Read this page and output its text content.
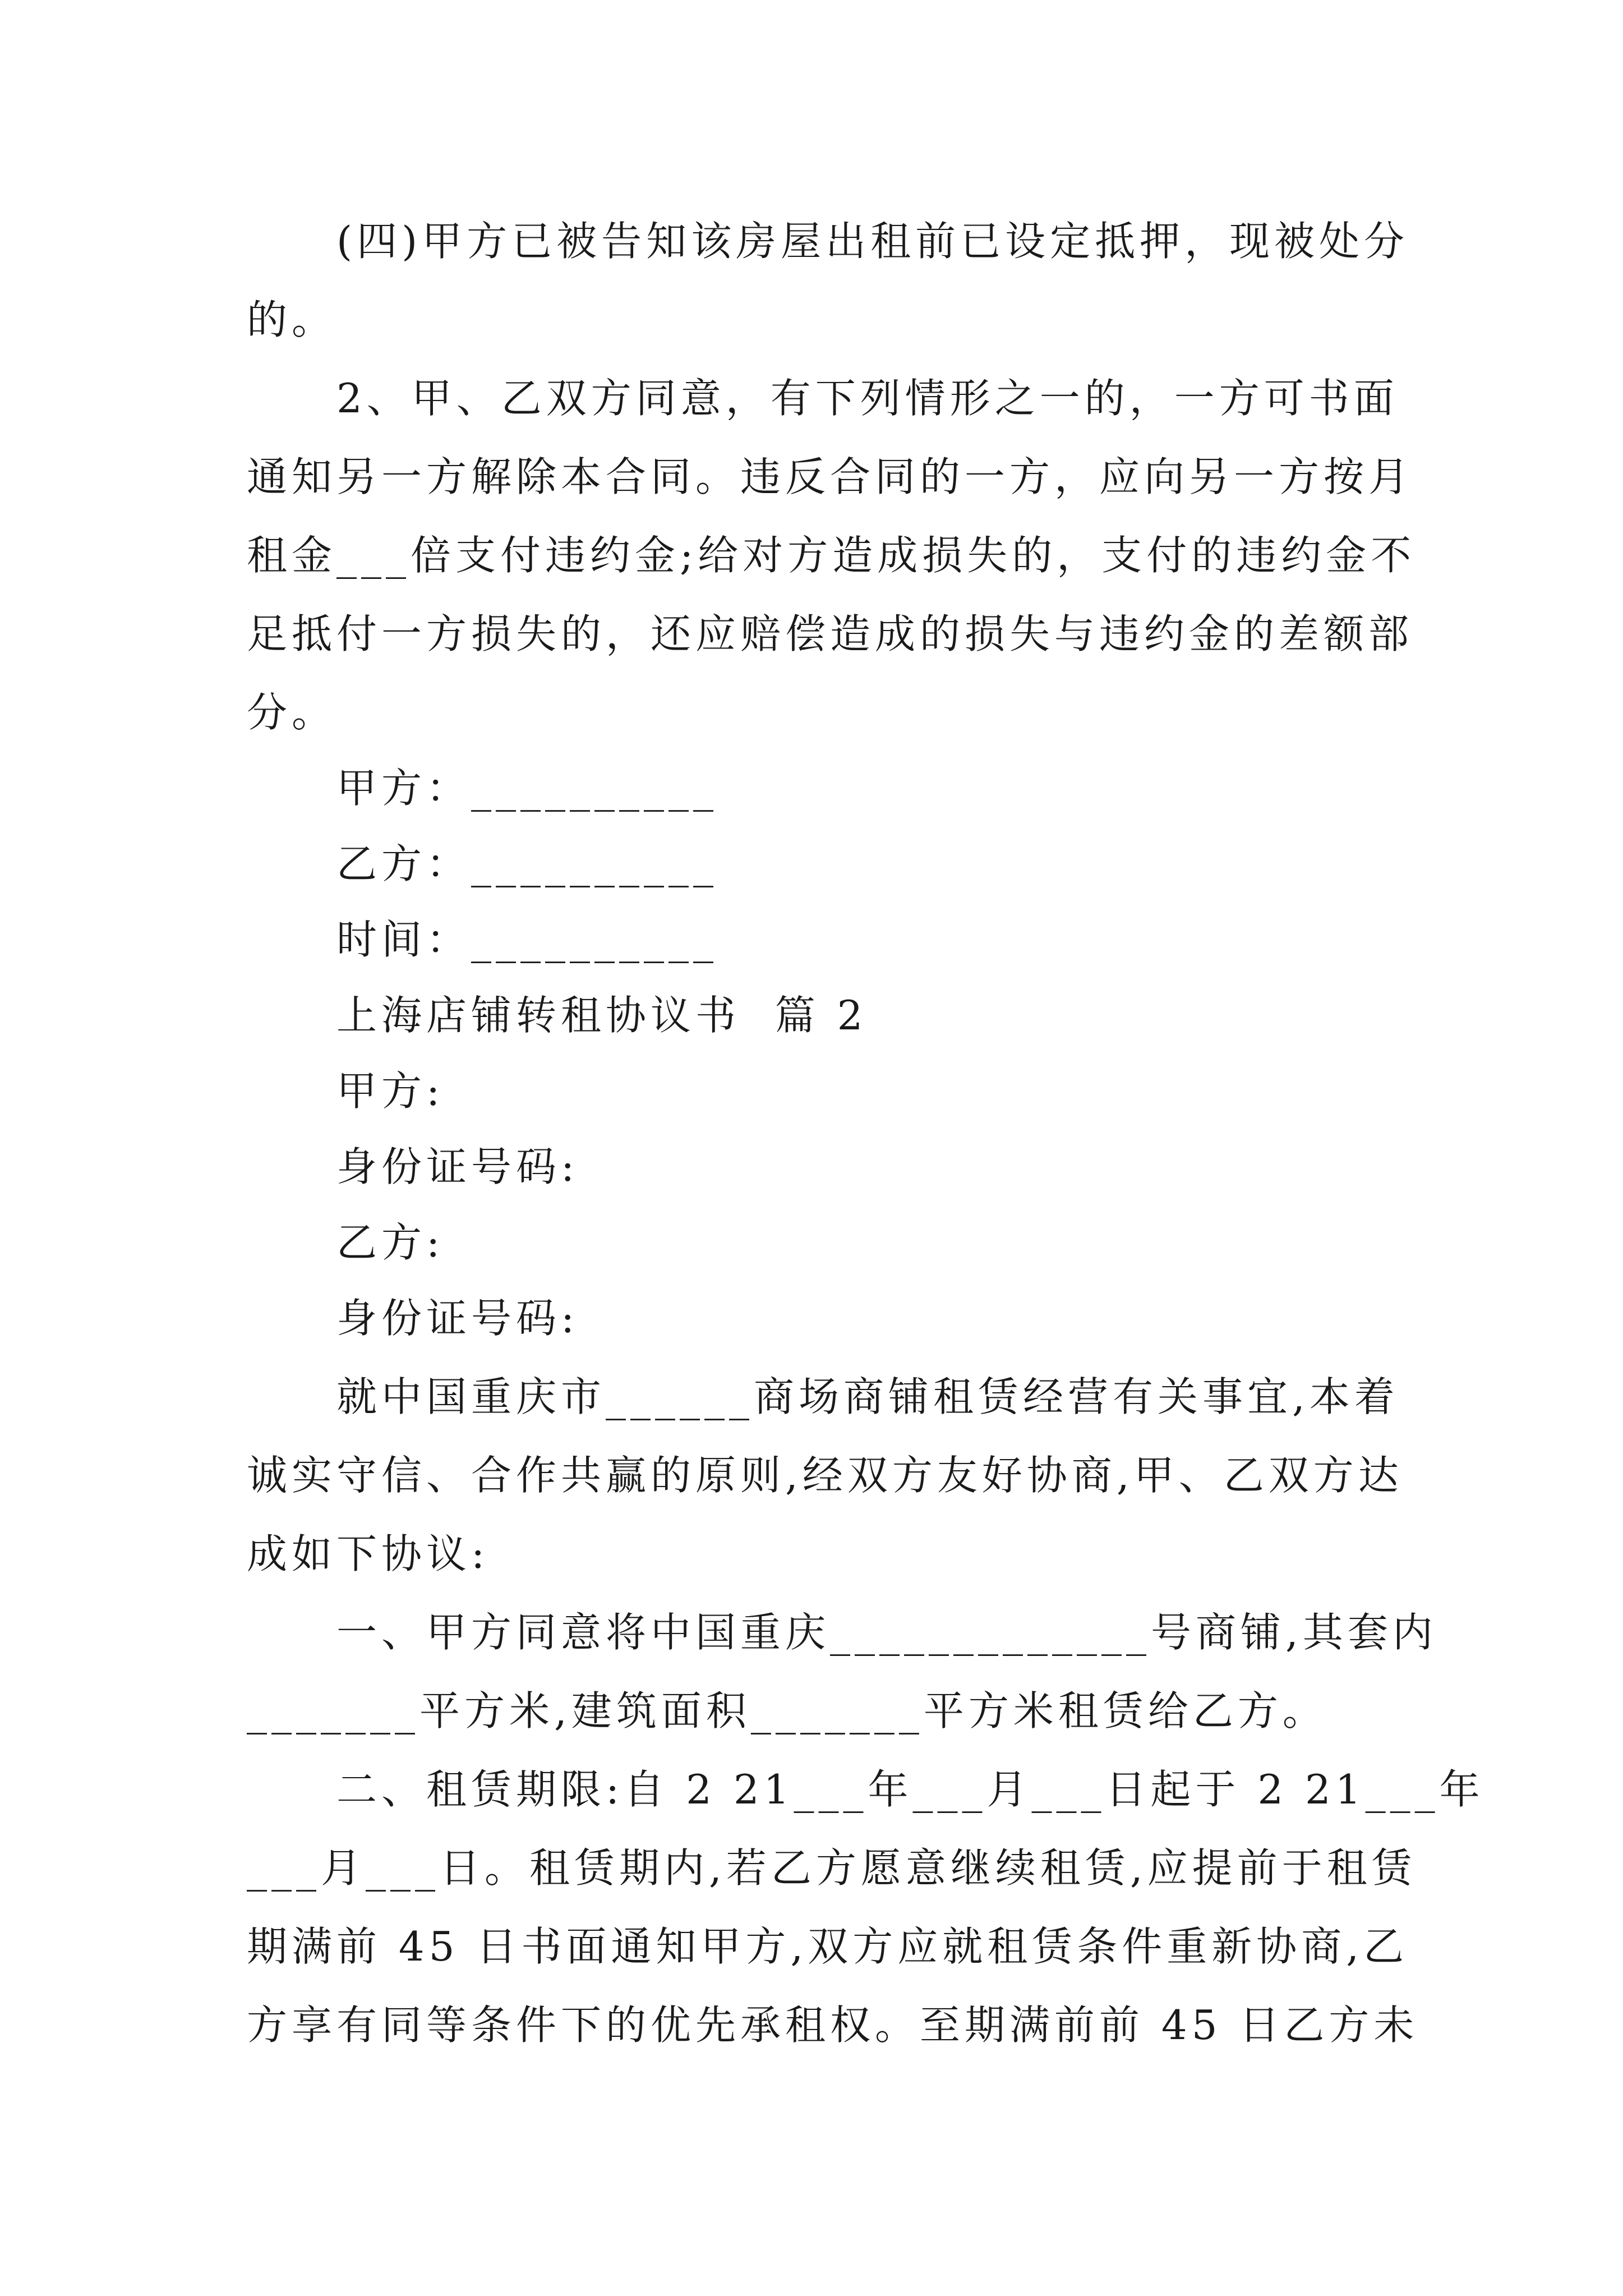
(四)甲方已被告知该房屋出租前已设定抵押，现被处分
的。
2、甲、乙双方同意，有下列情形之一的，一方可书面
通知另一方解除本合同。违反合同的一方，应向另一方按月
租金___倍支付违约金;给对方造成损失的，支付的违约金不
足抵付一方损失的，还应赔偿造成的损失与违约金的差额部
分。
甲方：__________
乙方：__________
时间：__________
上海店铺转租协议书  篇 2
甲方:
身份证号码:
乙方:
身份证号码:
就中国重庆市______商场商铺租赁经营有关事宜,本着
诚实守信、合作共赢的原则,经双方友好协商,甲、乙双方达
成如下协议:
一、甲方同意将中国重庆_____________号商铺,其套内
_______平方米,建筑面积_______平方米租赁给乙方。
二、租赁期限:自 2 21___年___月___日起于 2 21___年
___月___日。租赁期内,若乙方愿意继续租赁,应提前于租赁
期满前 45 日书面通知甲方,双方应就租赁条件重新协商,乙
方享有同等条件下的优先承租权。至期满前前 45 日乙方未
